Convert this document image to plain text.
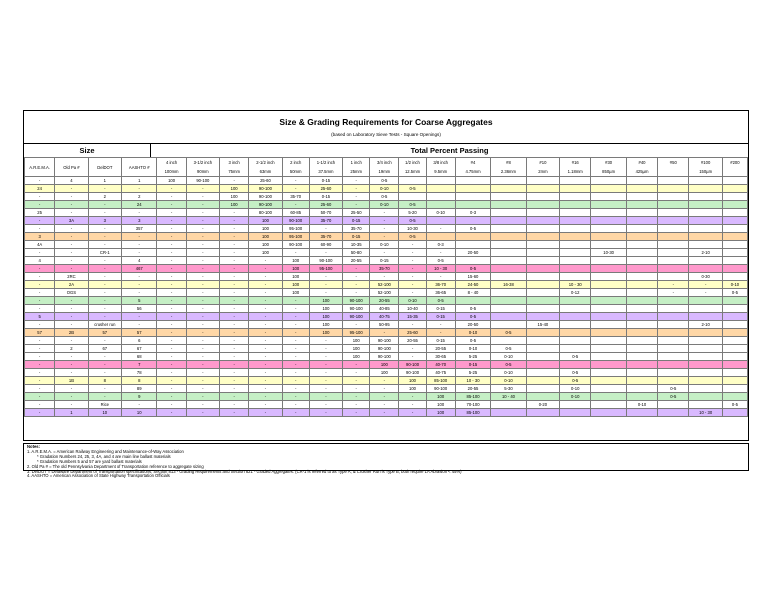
Size & Grading Requirements for Coarse Aggregates
(based on Laboratory Sieve Tests - Square Openings)
Size	Total Percent Passing
A.R.E.M.A.	Old Pa #	DelDOT	AASHTO #	4 inch	3-1/2 inch	3 inch	2-1/2 inch	2 inch	1-1/2 inch	1 inch	3/4 inch	1/2 inch	3/8 inch	#4	#8	#10	#16	#30	#40	#50	#100	#200
				100mm	90mm	75mm	63mm	50mm	37.5mm	25mm	19mm	12.5mm	9.5mm	4.75mm	2.36mm	2mm	1.18mm	850µm	425µm		150µm	
-	4	1	1	100	90-100	-	25-60	-	0-15	-	0-5											
24	-	-	-	-	-	100	90-100	-	25-60	-	0-10	0-5										
-	-	2	2	-	-	100	90-100	35-70	0-15	-	0-5											
-	-	-	24	-	-	100	90-100	-	25-60	-	0-10	0-5										
25	-	-	-	-	-	-	80-100	60-85	50-70	25-50	-	5-20	0-10	0-3								
-	3A	3	3	-	-	-	100	90-100	35-70	0-15	-	0-5										
-	-	-	357	-	-	-	100	95-100	-	35-70	-	10-30	-	0-5								
3	-	-	-	-	-	-	100	95-100	35-70	0-15	-	0-5										
4A	-	-	-	-	-	-	100	90-100	60-90	10-35	0-10	-	0-3									
-	-	CR-1	-	-	-	-	100	-	-	50-80	-	-	-	20-50				10-30			2-10	
4	-	-	4	-	-	-	-	100	90-100	20-55	0-15	-	0-5									
-	-	-	467	-	-	-	-	100	95-100	-	35-70	-	10 - 30	0-5								
-	2RC	-	-	-	-	-	-	100	-	-	-	-	-	15-60							0-30	
-	2A	-	-	-	-	-	-	100	-	-	52-100	-	36-70	24-50	16-38		10 - 30			-	-	0-10
-	OGS	-	-	-	-	-	-	100	-	-	52-100	-	36-65	8 - 40			0-12			-	-	0-5
-	-	-	5	-	-	-	-	-	100	90-100	20-55	0-10	0-5									
-	-	-	56	-	-	-	-	-	100	90-100	40-85	10-40	0-15	0-5								
5	-	-	-	-	-	-	-	-	100	90-100	40-75	15-35	0-15	0-5								
-	-	crusher run	-	-	-	-	-	-	100	-	50-95	-	-	20-50		15-40					2-10	
57	2B	57	57	-	-	-	-	-	100	95-100	-	25-60	-	0-10	0-5							
-	-	-	6	-	-	-	-	-	-	100	90-100	20-55	0-15	0-5								
-	2	67	67	-	-	-	-	-	-	100	90-100	-	20-55	0-10	0-5							
-	-	-	68	-	-	-	-	-	-	100	90-100	-	30-65	5-25	0-10		0-5					
-	-	-	7	-	-	-	-	-	-	-	100	90-100	40-70	0-15	0-5							
-	-	-	78	-	-	-	-	-	-	-	100	90-100	40-75	5-25	0-10		0-5					
-	1B	8	8	-	-	-	-	-	-	-	-	100	85-100	10 - 30	0-10		0-5					
-	-	-	89	-	-	-	-	-	-	-	-	100	90-100	20-55	5-30		0-10			0-5		
-	-	-	9	-	-	-	-	-	-	-	-	-	100	85-100	10 - 40		0-10			0-5		
-	-	Rice	-	-	-	-	-	-	-	-	-	-	100	70-100		0-20			0-10			0-5
-	1	10	10	-	-	-	-	-	-	-	-	-	100	85-100							10 - 30	
Notes:
1. A.R.E.M.A. = American Railway Engineering and Maintenance-of-Way Association
* Gradation Numbers 24, 25, 3, 4A, and 4 are main line ballast materials
* Gradation Numbers 5 and 57 are yard ballast materials
2. Old Pa # = The old Pennsylvania Department of Transportation reference to aggregate sizing
3. DelDOT = Delaware Department of Transportation specifications, Section 813 - Grading Requirements and Section 821 - Graded Aggregates. (CR-1 is referred to as Type A, & Crusher Run is Type B; both require LA Abrasion < 45%)
4. AASHTO = American Association of State Highway Transportation Officials
